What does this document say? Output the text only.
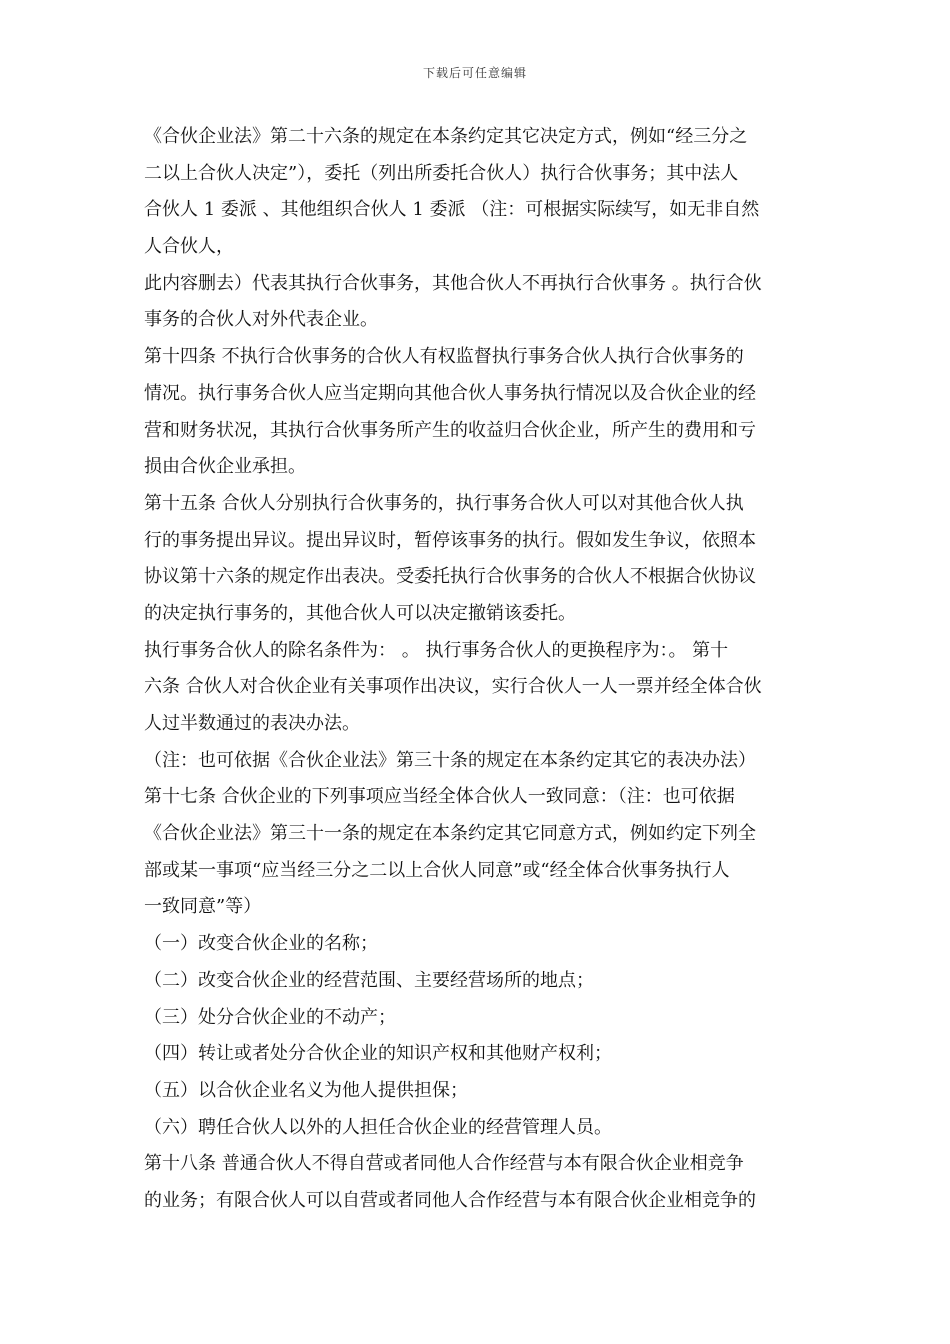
下载后可任意编辑
《合伙企业法》第二十六条的规定在本条约定其它决定方式，例如“经三分之
二以上合伙人决定”），委托（列出所委托合伙人）执行合伙事务；其中法人
合伙人 1 委派 、其他组织合伙人 1 委派 （注：可根据实际续写，如无非自然
人合伙人，
此内容删去）代表其执行合伙事务，其他合伙人不再执行合伙事务 。执行合伙
事务的合伙人对外代表企业。
第十四条 不执行合伙事务的合伙人有权监督执行事务合伙人执行合伙事务的
情况。执行事务合伙人应当定期向其他合伙人事务执行情况以及合伙企业的经
营和财务状况，其执行合伙事务所产生的收益归合伙企业，所产生的费用和亏
损由合伙企业承担。
第十五条 合伙人分别执行合伙事务的，执行事务合伙人可以对其他合伙人执
行的事务提出异议。提出异议时，暂停该事务的执行。假如发生争议，依照本
协议第十六条的规定作出表决。受委托执行合伙事务的合伙人不根据合伙协议
的决定执行事务的，其他合伙人可以决定撤销该委托。
执行事务合伙人的除名条件为： 。 执行事务合伙人的更换程序为：。 第十
六条 合伙人对合伙企业有关事项作出决议，实行合伙人一人一票并经全体合伙
人过半数通过的表决办法。
（注：也可依据《合伙企业法》第三十条的规定在本条约定其它的表决办法）
第十七条 合伙企业的下列事项应当经全体合伙人一致同意：（注：也可依据
《合伙企业法》第三十一条的规定在本条约定其它同意方式，例如约定下列全
部或某一事项“应当经三分之二以上合伙人同意”或“经全体合伙事务执行人
一致同意”等）
（一）改变合伙企业的名称；
（二）改变合伙企业的经营范围、主要经营场所的地点；
（三）处分合伙企业的不动产；
（四）转让或者处分合伙企业的知识产权和其他财产权利；
（五）以合伙企业名义为他人提供担保；
（六）聘任合伙人以外的人担任合伙企业的经营管理人员。
第十八条 普通合伙人不得自营或者同他人合作经营与本有限合伙企业相竞争
的业务；有限合伙人可以自营或者同他人合作经营与本有限合伙企业相竞争的
